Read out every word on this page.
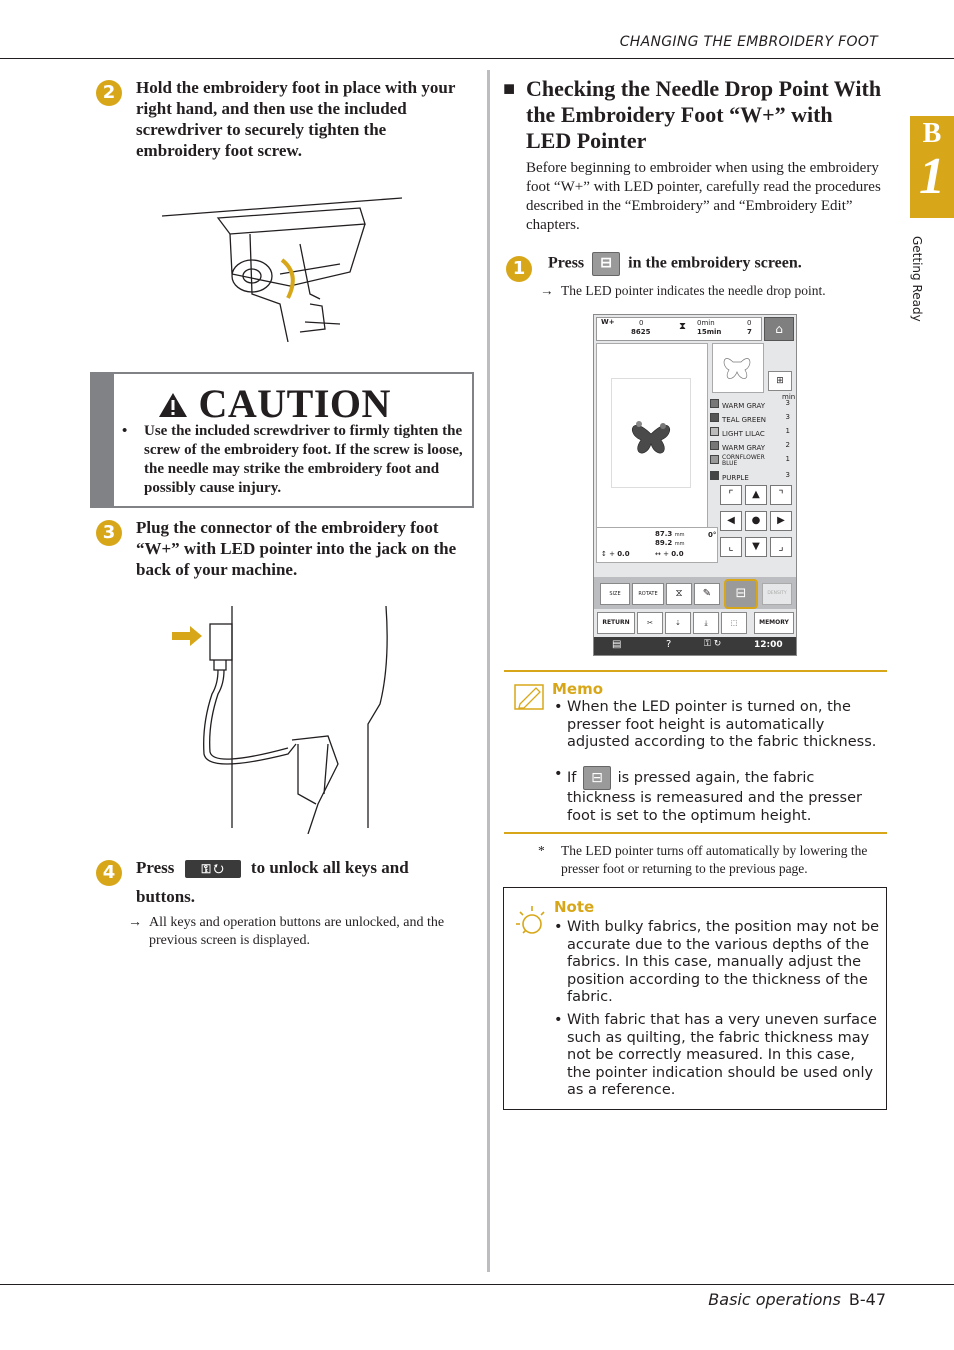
CHANGING THE EMBROIDERY FOOT
Basic operations B-47
B
1
Getting Ready
2	Hold the embroidery foot in place with your right hand, and then use the included screwdriver to securely tighten the embroidery foot screw.
CAUTION
• Use the included screwdriver to firmly tighten the screw of the embroidery foot. If the screw is loose, the needle may strike the embroidery foot and possibly cause injury.
3	Plug the connector of the embroidery foot “W+” with LED pointer into the jack on the back of your machine.
4	Press ⚿ ↻ to unlock all keys and
buttons.
→ All keys and operation buttons are unlocked, and the previous screen is displayed.
■ Checking the Needle Drop Point With the Embroidery Foot “W+” with LED Pointer
Before beginning to embroider when using the embroidery foot “W+” with LED pointer, carefully read the procedures described in the “Embroidery” and “Embroidery Edit” chapters.
1	Press ⊟ in the embroidery screen.
→ The LED pointer indicates the needle drop point.
W+	0
8625	⧗ 0min
15min
0
7	⌂
⊞
min
WARM GRAY	3
TEAL GREEN	3
LIGHT LILAC	1
WARM GRAY	2
CORNFLOWER BLUE
1
PURPLE	3
⌜	▲	⌝
◀	●	▶
⌞	▼	⌟
87.3 mm
89.2 mm
↕ + 0.0	↔ + 0.0
0°
SIZE	ROTATE	⧖	✎	⊟	DENSITY
RETURN	✂	⇣	⤓	⬚	MEMORY
▤	?	⚿ ↻	12:00
Memo
• When the LED pointer is turned on, the presser foot height is automatically adjusted according to the fabric thickness.
• If ⊟ is pressed again, the fabric thickness is remeasured and the presser foot is set to the optimum height.
* The LED pointer turns off automatically by lowering the presser foot or returning to the previous page.
Note
• With bulky fabrics, the position may not be accurate due to the various depths of the fabrics. In this case, manually adjust the position according to the thickness of the fabric.
• With fabric that has a very uneven surface such as quilting, the fabric thickness may not be correctly measured. In this case, the pointer indication should be used only as a reference.
